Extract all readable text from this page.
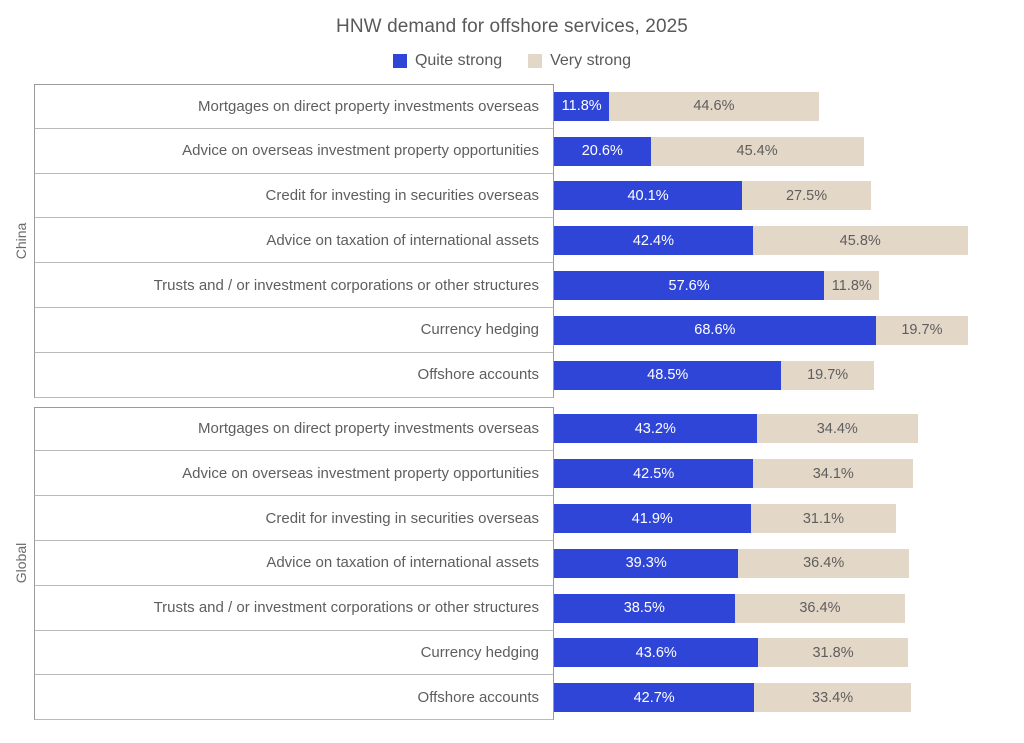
HNW demand for offshore services, 2025
Quite strong	Very strong
Mortgages on direct property investments overseas	11.8%	44.6%
Advice on overseas investment property opportunities	20.6%	45.4%
Credit for investing in securities overseas	40.1%	27.5%
China	Advice on taxation of international assets	42.4%	45.8%
Trusts and / or investment corporations or other structures	57.6%	11.8%
Currency hedging	68.6%	19.7%
Offshore accounts	48.5%	19.7%
Mortgages on direct property investments overseas	43.2%	34.4%
Advice on overseas investment property opportunities	42.5%	34.1%
Credit for investing in securities overseas	41.9%	31.1%
Global	Advice on taxation of international assets	39.3%	36.4%
Trusts and / or investment corporations or other structures	38.5%	36.4%
Currency hedging	43.6%	31.8%
Offshore accounts	42.7%	33.4%
